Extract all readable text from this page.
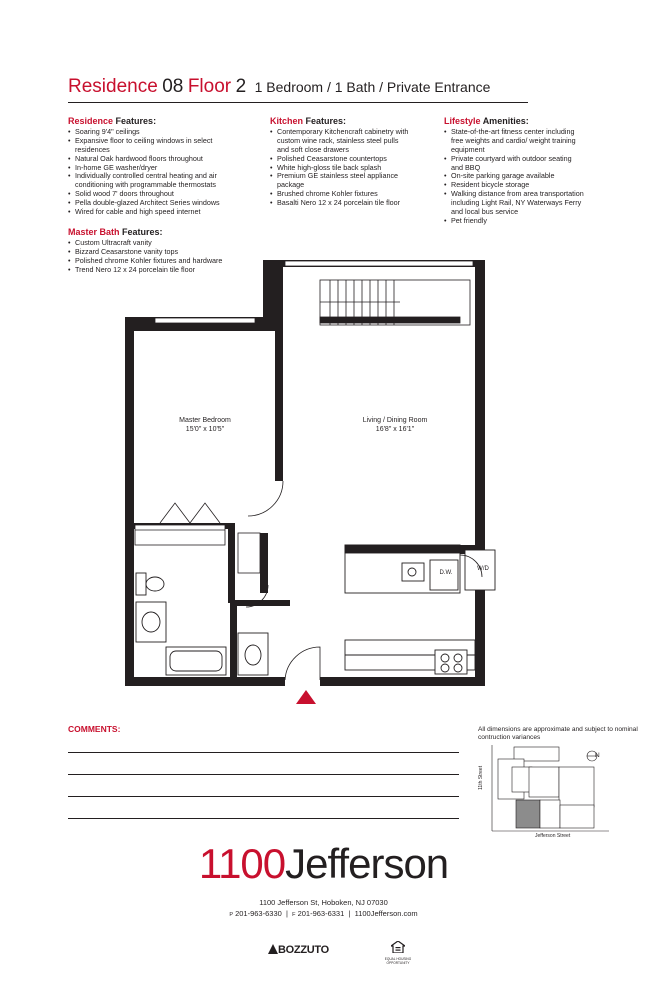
Residence 08 Floor 2 1 Bedroom / 1 Bath / Private Entrance
Residence Features:
• Soaring 9'4" ceilings
• Expansive floor to ceiling windows in select residences
• Natural Oak hardwood floors throughout
• In-home GE washer/dryer
• Individually controlled central heating and air conditioning with programmable thermostats
• Solid wood 7' doors throughout
• Pella double-glazed Architect Series windows
• Wired for cable and high speed internet
Master Bath Features:
• Custom Ultracraft vanity
• Bizzard Ceasarstone vanity tops
• Polished chrome Kohler fixtures and hardware
• Trend Nero 12 x 24 porcelain tile floor
Kitchen Features:
• Contemporary Kitchencraft cabinetry with custom wine rack, stainless steel pulls and soft close drawers
• Polished Ceasarstone countertops
• White high-gloss tile back splash
• Premium GE stainless steel appliance package
• Brushed chrome Kohler fixtures
• Basalti Nero 12 x 24 porcelain tile floor
Lifestyle Amenities:
• State-of-the-art fitness center including free weights and cardio/ weight training equipment
• Private courtyard with outdoor seating and BBQ
• On-site parking garage available
• Resident bicycle storage
• Walking distance from area transportation including Light Rail, NY Waterways Ferry and local bus service
• Pet friendly
Master Bedroom
15'0" x 10'5"
Living / Dining Room
16'8" x 16'1"
D.W.
W/D
COMMENTS:	All dimensions are approximate and subject to nominal contruction variances
N
11th Street
Jefferson Street
1100Jefferson
1100 Jefferson St, Hoboken, NJ 07030
P 201-963-6330 | F 201-963-6331 | 1100Jefferson.com
BOZZUTO
EQUAL HOUSING OPPORTUNITY
